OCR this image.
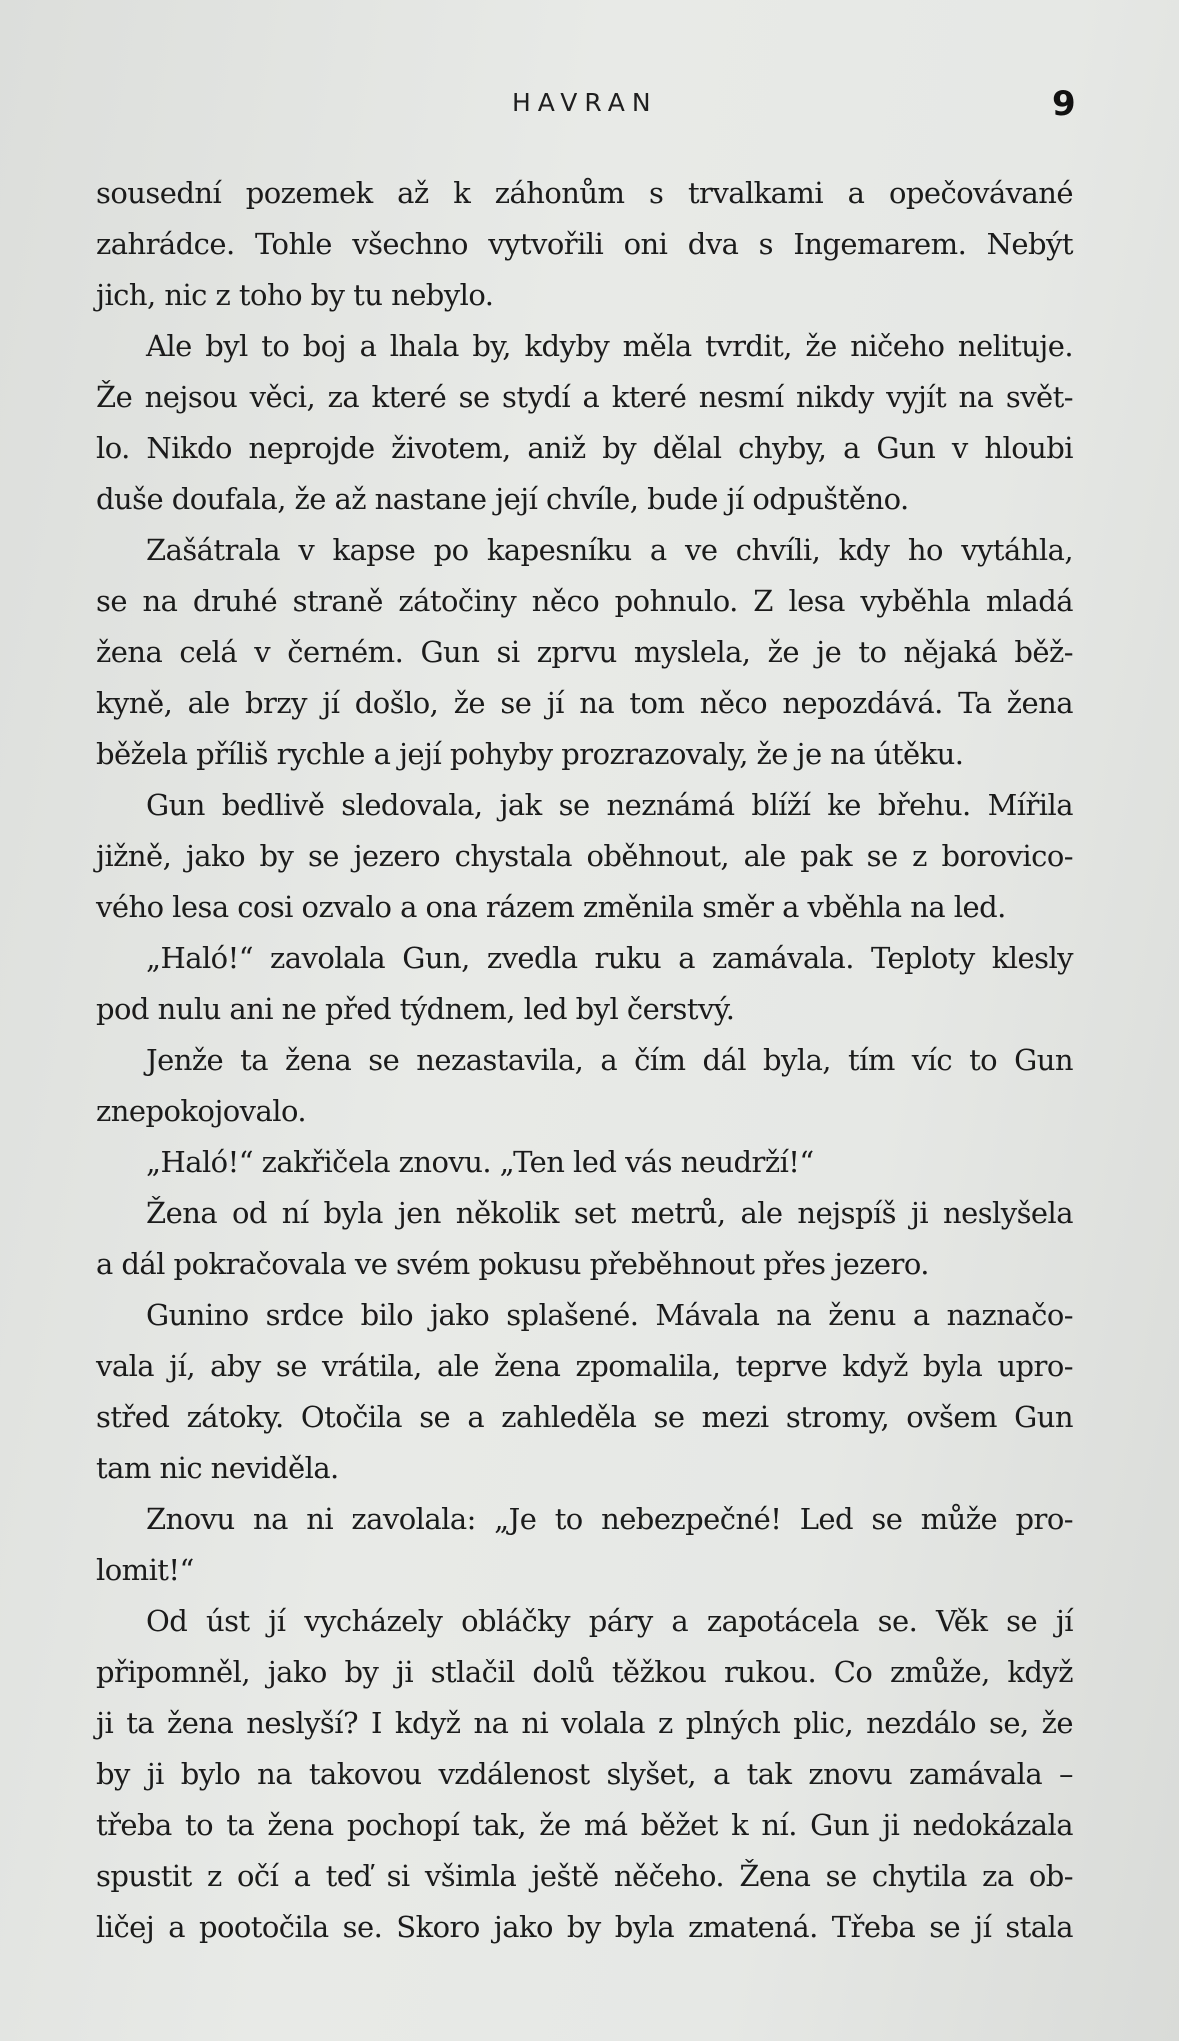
HAVRAN	9
sousední pozemek až k záhonům s trvalkami a opečovávané
zahrádce. Tohle všechno vytvořili oni dva s Ingemarem. Nebýt
jich, nic z toho by tu nebylo.
Ale byl to boj a lhala by, kdyby měla tvrdit, že ničeho nelituje.
Že nejsou věci, za které se stydí a které nesmí nikdy vyjít na svět-
lo. Nikdo neprojde životem, aniž by dělal chyby, a Gun v hloubi
duše doufala, že až nastane její chvíle, bude jí odpuštěno.
Zašátrala v kapse po kapesníku a ve chvíli, kdy ho vytáhla,
se na druhé straně zátočiny něco pohnulo. Z lesa vyběhla mladá
žena celá v černém. Gun si zprvu myslela, že je to nějaká běž-
kyně, ale brzy jí došlo, že se jí na tom něco nepozdává. Ta žena
běžela příliš rychle a její pohyby prozrazovaly, že je na útěku.
Gun bedlivě sledovala, jak se neznámá blíží ke břehu. Mířila
jižně, jako by se jezero chystala oběhnout, ale pak se z borovico-
vého lesa cosi ozvalo a ona rázem změnila směr a vběhla na led.
„Haló!“ zavolala Gun, zvedla ruku a zamávala. Teploty klesly
pod nulu ani ne před týdnem, led byl čerstvý.
Jenže ta žena se nezastavila, a čím dál byla, tím víc to Gun
znepokojovalo.
„Haló!“ zakřičela znovu. „Ten led vás neudrží!“
Žena od ní byla jen několik set metrů, ale nejspíš ji neslyšela
a dál pokračovala ve svém pokusu přeběhnout přes jezero.
Gunino srdce bilo jako splašené. Mávala na ženu a naznačo-
vala jí, aby se vrátila, ale žena zpomalila, teprve když byla upro-
střed zátoky. Otočila se a zahleděla se mezi stromy, ovšem Gun
tam nic neviděla.
Znovu na ni zavolala: „Je to nebezpečné! Led se může pro-
lomit!“
Od úst jí vycházely obláčky páry a zapotácela se. Věk se jí
připomněl, jako by ji stlačil dolů těžkou rukou. Co zmůže, když
ji ta žena neslyší? I když na ni volala z plných plic, nezdálo se, že
by ji bylo na takovou vzdálenost slyšet, a tak znovu zamávala –
třeba to ta žena pochopí tak, že má běžet k ní. Gun ji nedokázala
spustit z očí a teď si všimla ještě něčeho. Žena se chytila za ob-
ličej a pootočila se. Skoro jako by byla zmatená. Třeba se jí stala
